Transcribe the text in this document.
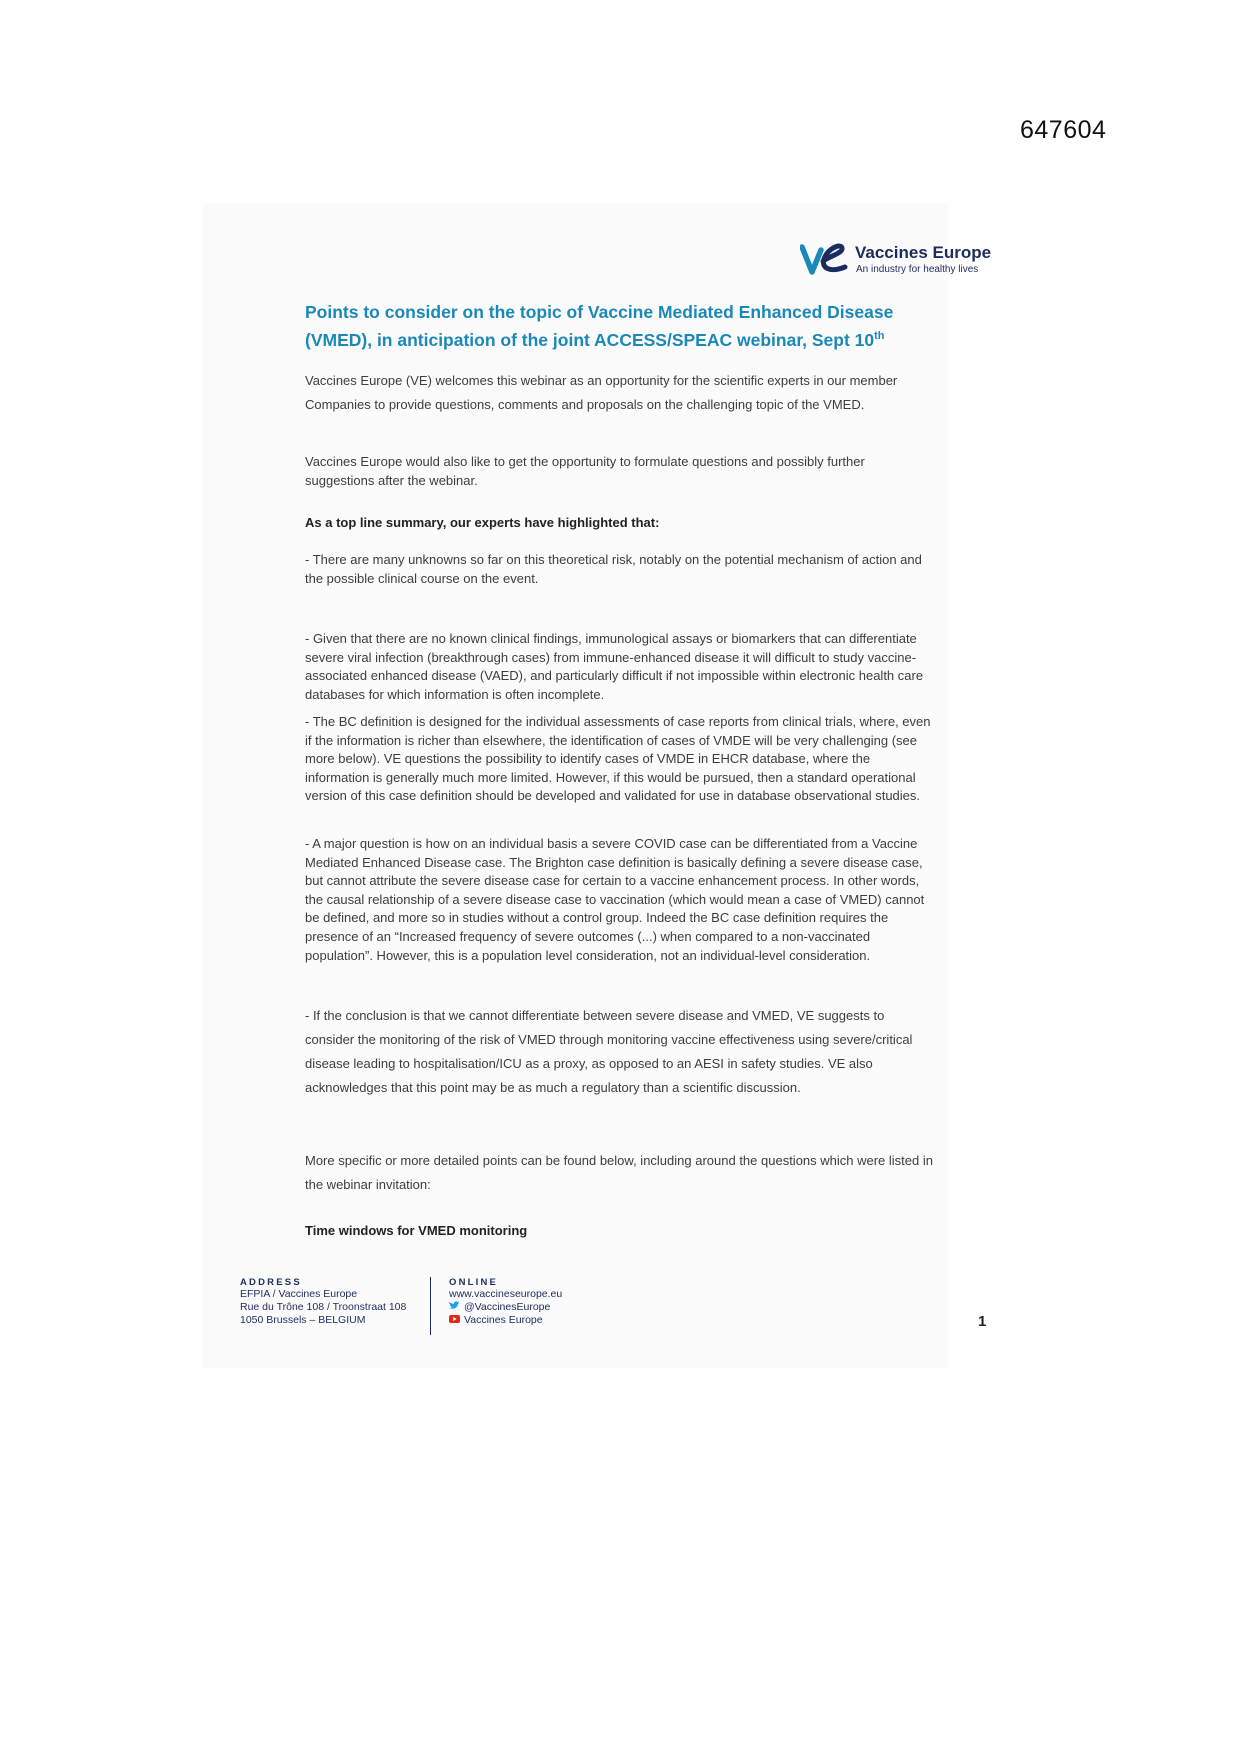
647604
Vaccines Europe
An industry for healthy lives
Points to consider on the topic of Vaccine Mediated Enhanced Disease
(VMED), in anticipation of the joint ACCESS/SPEAC webinar, Sept 10th

Vaccines Europe (VE) welcomes this webinar as an opportunity for the scientific experts in our member Companies to provide questions, comments and proposals on the challenging topic of the VMED.

Vaccines Europe would also like to get the opportunity to formulate questions and possibly further suggestions after the webinar.

As a top line summary, our experts have highlighted that:

- There are many unknowns so far on this theoretical risk, notably on the potential mechanism of action and the possible clinical course on the event.

- Given that there are no known clinical findings, immunological assays or biomarkers that can differentiate severe viral infection (breakthrough cases) from immune-enhanced disease it will difficult to study vaccine-associated enhanced disease (VAED), and particularly difficult if not impossible within electronic health care databases for which information is often incomplete.

- The BC definition is designed for the individual assessments of case reports from clinical trials, where, even if the information is richer than elsewhere, the identification of cases of VMDE will be very challenging (see more below). VE questions the possibility to identify cases of VMDE in EHCR database, where the information is generally much more limited. However, if this would be pursued, then a standard operational version of this case definition should be developed and validated for use in database observational studies.

- A major question is how on an individual basis a severe COVID case can be differentiated from a Vaccine Mediated Enhanced Disease case. The Brighton case definition is basically defining a severe disease case, but cannot attribute the severe disease case for certain to a vaccine enhancement process. In other words, the causal relationship of a severe disease case to vaccination (which would mean a case of VMED) cannot be defined, and more so in studies without a control group. Indeed the BC case definition requires the presence of an “Increased frequency of severe outcomes (...) when compared to a non-vaccinated population”. However, this is a population level consideration, not an individual-level consideration.

- If the conclusion is that we cannot differentiate between severe disease and VMED, VE suggests to consider the monitoring of the risk of VMED through monitoring vaccine effectiveness using severe/critical disease leading to hospitalisation/ICU as a proxy, as opposed to an AESI in safety studies. VE also acknowledges that this point may be as much a regulatory than a scientific discussion.

More specific or more detailed points can be found below, including around the questions which were listed in the webinar invitation:

Time windows for VMED monitoring
ADDRESS
EFPIA / Vaccines Europe
Rue du Trône 108 / Troonstraat 108
1050 Brussels – BELGIUM
ONLINE
www.vaccineseurope.eu
@VaccinesEurope
Vaccines Europe	1
